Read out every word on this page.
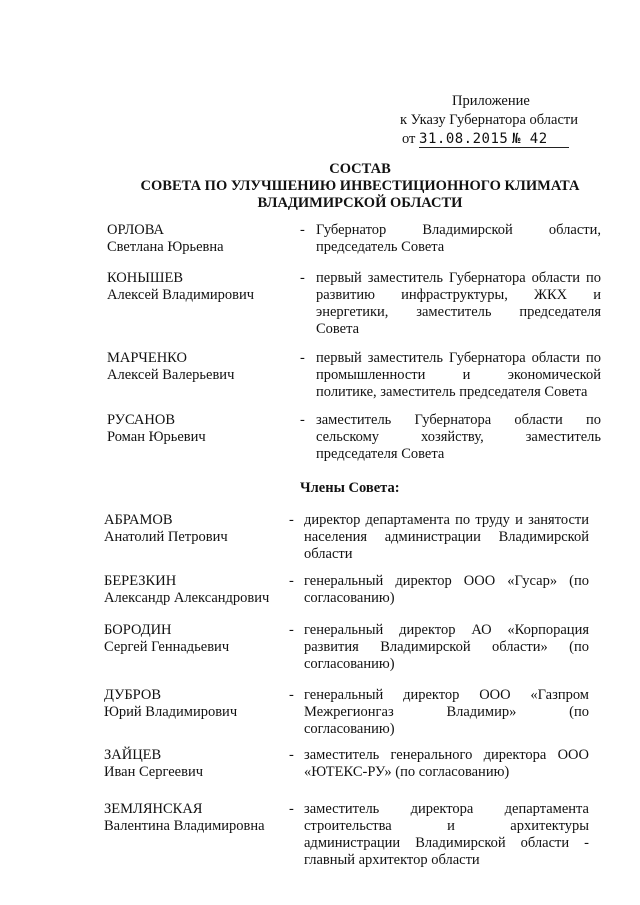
Приложение
к Указу Губернатора области
от 31.08.2015 № 42
СОСТАВ
СОВЕТА ПО УЛУЧШЕНИЮ ИНВЕСТИЦИОННОГО КЛИМАТА
ВЛАДИМИРСКОЙ ОБЛАСТИ
ОРЛОВА
Светлана Юрьевна
- Губернатор Владимирской области,
председатель Совета
КОНЫШЕВ
Алексей Владимирович
- первый заместитель Губернатора области по
развитию инфраструктуры, ЖКХ и
энергетики, заместитель председателя
Совета
МАРЧЕНКО
Алексей Валерьевич
- первый заместитель Губернатора области по
промышленности и экономической
политике, заместитель председателя Совета
РУСАНОВ
Роман Юрьевич
- заместитель Губернатора области по
сельскому хозяйству, заместитель
председателя Совета
Члены Совета:
АБРАМОВ
Анатолий Петрович
- директор департамента по труду и занятости
населения администрации Владимирской
области
БЕРЕЗКИН
Александр Александрович
- генеральный директор ООО «Гусар» (по
согласованию)
БОРОДИН
Сергей Геннадьевич
- генеральный директор АО «Корпорация
развития Владимирской области» (по
согласованию)
ДУБРОВ
Юрий Владимирович
- генеральный директор ООО «Газпром
Межрегионгаз Владимир» (по
согласованию)
ЗАЙЦЕВ
Иван Сергеевич
- заместитель генерального директора ООО
«ЮТЕКС-РУ» (по согласованию)
ЗЕМЛЯНСКАЯ
Валентина Владимировна
- заместитель директора департамента
строительства и архитектуры
администрации Владимирской области -
главный архитектор области
